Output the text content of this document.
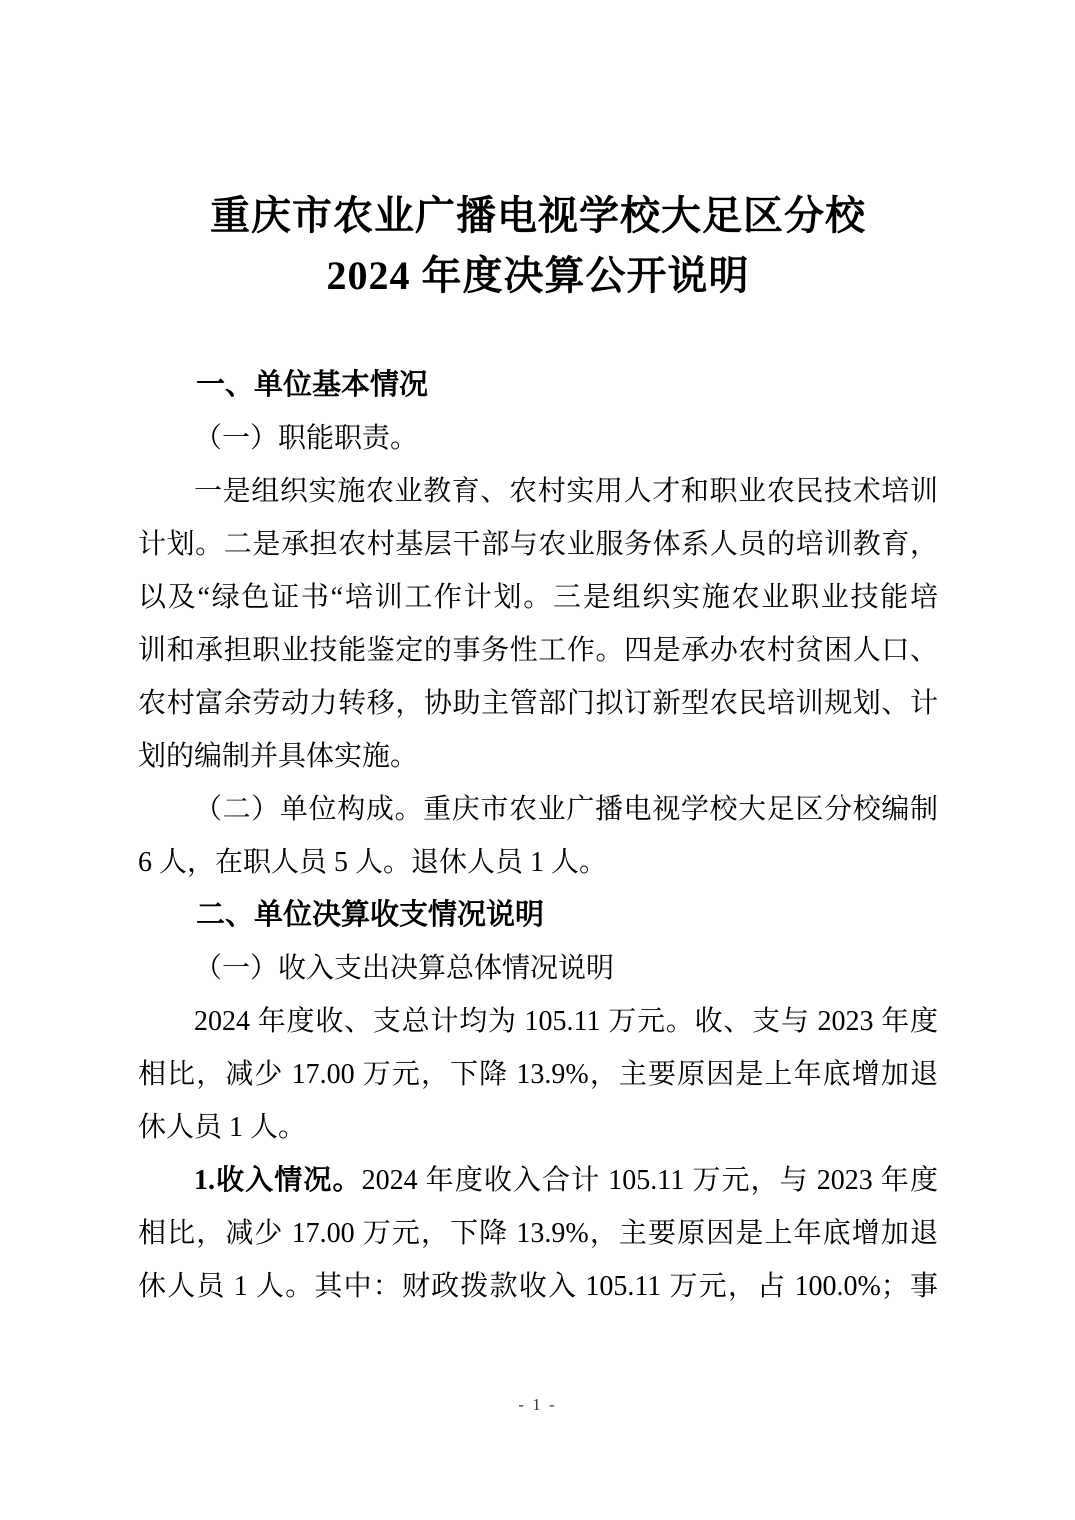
重庆市农业广播电视学校大足区分校
2024 年度决算公开说明
一、单位基本情况
（一）职能职责。
一是组织实施农业教育、农村实用人才和职业农民技术培训
计划。二是承担农村基层干部与农业服务体系人员的培训教育，
以及“绿色证书“培训工作计划。三是组织实施农业职业技能培
训和承担职业技能鉴定的事务性工作。四是承办农村贫困人口、
农村富余劳动力转移，协助主管部门拟订新型农民培训规划、计
划的编制并具体实施。
（二）单位构成。重庆市农业广播电视学校大足区分校编制
6 人，在职人员 5 人。退休人员 1 人。
二、单位决算收支情况说明
（一）收入支出决算总体情况说明
2024 年度收、支总计均为 105.11 万元。收、支与 2023 年度
相比，减少 17.00 万元，下降 13.9%，主要原因是上年底增加退
休人员 1 人。
1.收入情况。2024 年度收入合计 105.11 万元，与 2023 年度
相比，减少 17.00 万元，下降 13.9%，主要原因是上年底增加退
休人员 1 人。其中：财政拨款收入 105.11 万元，占 100.0%；事
- 1 -
